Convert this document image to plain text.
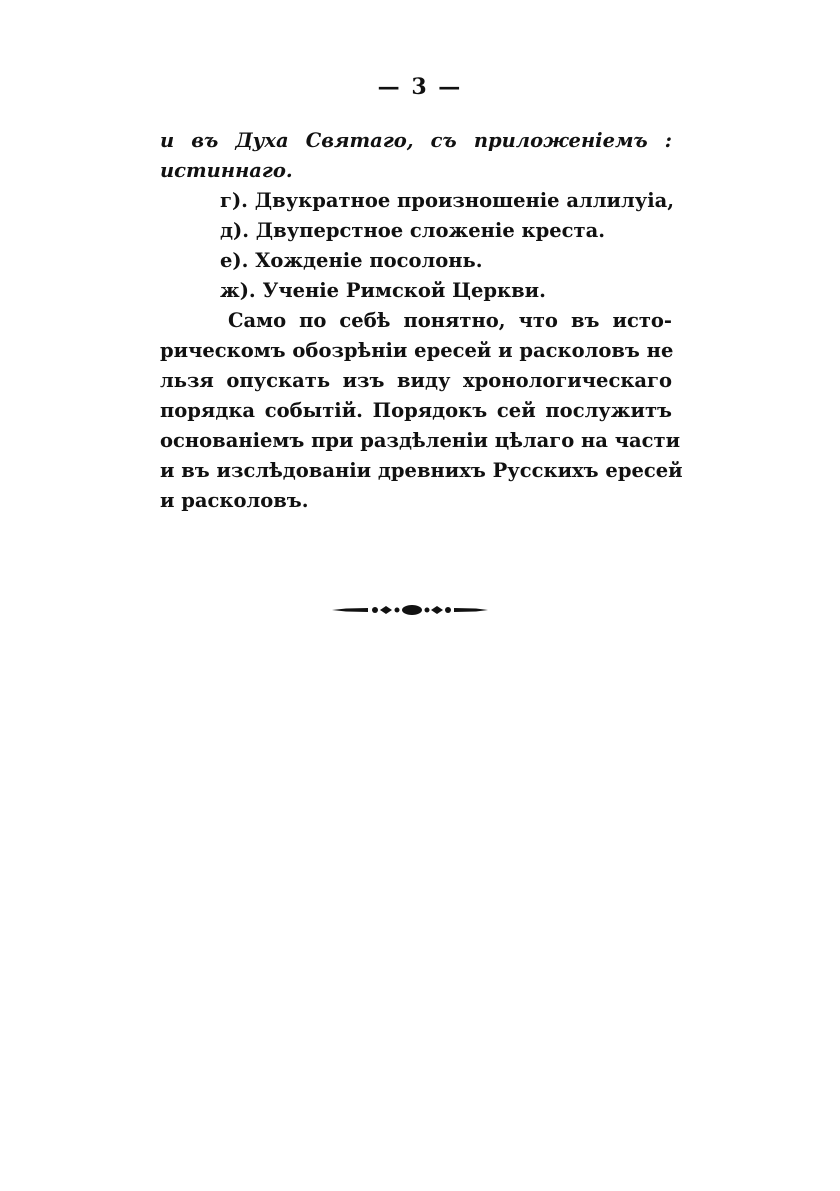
— 3 —
и въ Духа Святаго, съ приложеніемъ :
истиннаго.
г). Двукратное произношеніе аллилуіа,
д). Двуперстное сложеніе креста.
е). Хожденіе посолонь.
ж). Ученіе Римской Церкви.
Само по себѣ понятно, что въ исто-
рическомъ обозрѣніи ересей и расколовъ не
льзя опускать изъ виду хронологическаго
порядка событій. Порядокъ сей послужитъ
основаніемъ при раздѣленіи цѣлаго на части
и въ изслѣдованіи древнихъ Русскихъ ересей
и расколовъ.
